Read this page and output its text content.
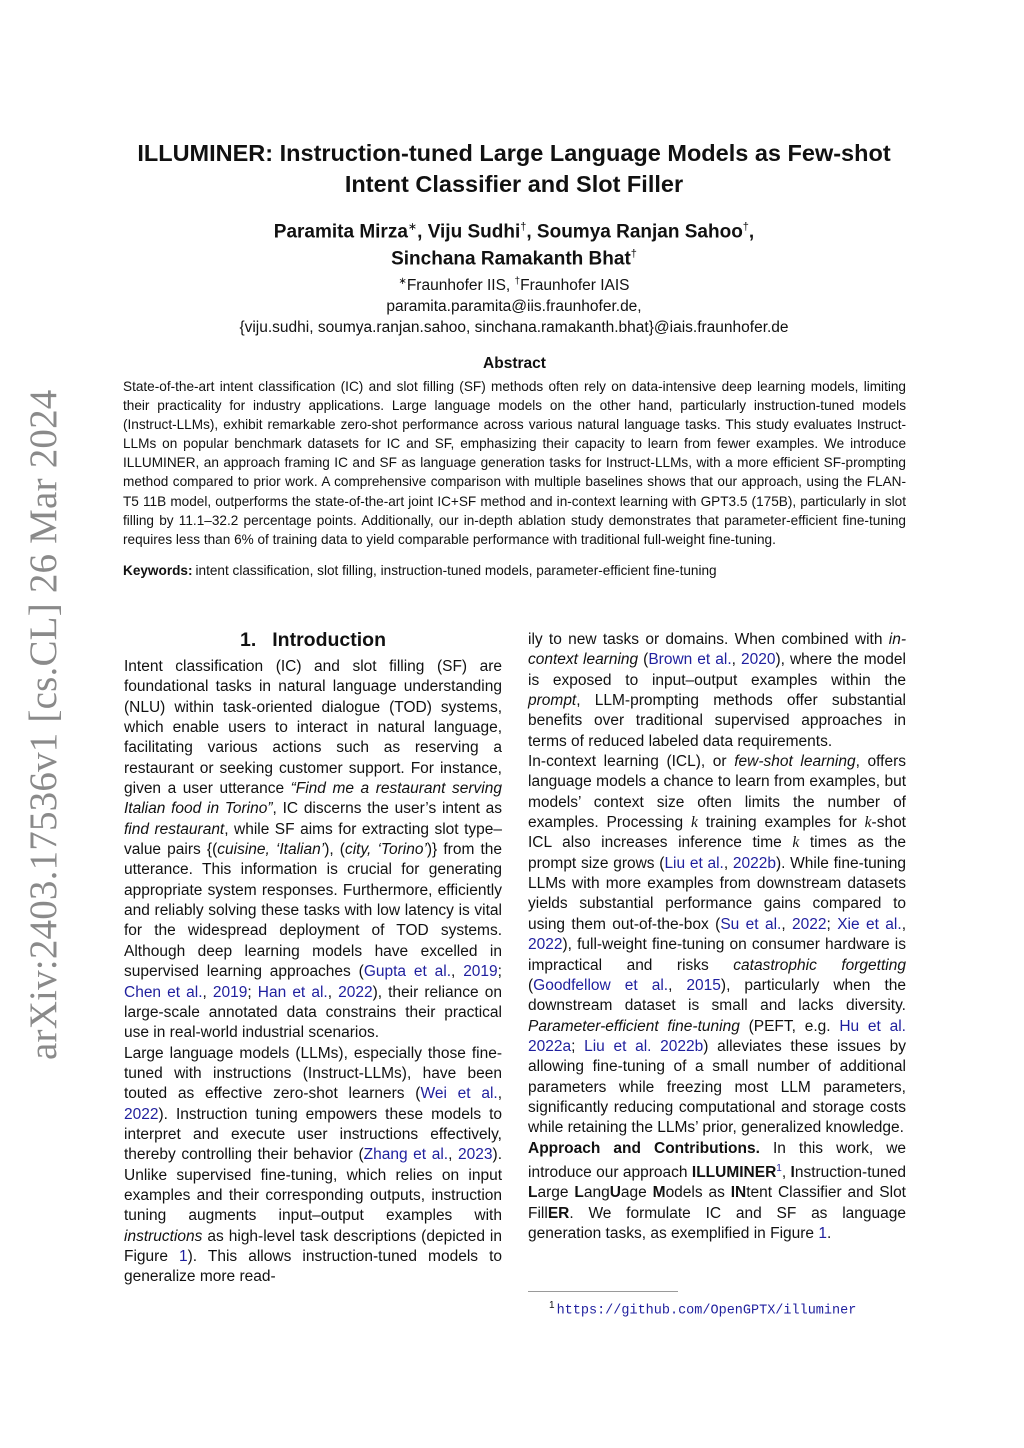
arXiv:2403.17536v1 [cs.CL] 26 Mar 2024
ILLUMINER: Instruction-tuned Large Language Models as Few-shot Intent Classifier and Slot Filler
Paramita Mirza∗, Viju Sudhi†, Soumya Ranjan Sahoo†,
Sinchana Ramakanth Bhat†
∗Fraunhofer IIS, †Fraunhofer IAIS
paramita.paramita@iis.fraunhofer.de,
{viju.sudhi, soumya.ranjan.sahoo, sinchana.ramakanth.bhat}@iais.fraunhofer.de
Abstract
State-of-the-art intent classification (IC) and slot filling (SF) methods often rely on data-intensive deep learning models, limiting their practicality for industry applications. Large language models on the other hand, particularly instruction-tuned models (Instruct-LLMs), exhibit remarkable zero-shot performance across various natural language tasks. This study evaluates Instruct-LLMs on popular benchmark datasets for IC and SF, emphasizing their capacity to learn from fewer examples. We introduce ILLUMINER, an approach framing IC and SF as language generation tasks for Instruct-LLMs, with a more efficient SF-prompting method compared to prior work. A comprehensive comparison with multiple baselines shows that our approach, using the FLAN-T5 11B model, outperforms the state-of-the-art joint IC+SF method and in-context learning with GPT3.5 (175B), particularly in slot filling by 11.1–32.2 percentage points. Additionally, our in-depth ablation study demonstrates that parameter-efficient fine-tuning requires less than 6% of training data to yield comparable performance with traditional full-weight fine-tuning.
Keywords: intent classification, slot filling, instruction-tuned models, parameter-efficient fine-tuning
1. Introduction

Intent classification (IC) and slot filling (SF) are foundational tasks in natural language understanding (NLU) within task-oriented dialogue (TOD) systems, which enable users to interact in natural language, facilitating various actions such as reserving a restaurant or seeking customer support. For instance, given a user utterance “Find me a restaurant serving Italian food in Torino”, IC discerns the user’s intent as find restaurant, while SF aims for extracting slot type–value pairs {(cuisine, ‘Italian’), (city, ‘Torino’)} from the utterance. This information is crucial for generating appropriate system responses. Furthermore, efficiently and reliably solving these tasks with low latency is vital for the widespread deployment of TOD systems. Although deep learning models have excelled in supervised learning approaches (Gupta et al., 2019; Chen et al., 2019; Han et al., 2022), their reliance on large-scale annotated data constrains their practical use in real-world industrial scenarios.

Large language models (LLMs), especially those fine-tuned with instructions (Instruct-LLMs), have been touted as effective zero-shot learners (Wei et al., 2022). Instruction tuning empowers these models to interpret and execute user instructions effectively, thereby controlling their behavior (Zhang et al., 2023). Unlike supervised fine-tuning, which relies on input examples and their corresponding outputs, instruction tuning augments input–output examples with instructions as high-level task descriptions (depicted in Figure 1). This allows instruction-tuned models to generalize more read-

ily to new tasks or domains. When combined with in-context learning (Brown et al., 2020), where the model is exposed to input–output examples within the prompt, LLM-prompting methods offer substantial benefits over traditional supervised approaches in terms of reduced labeled data requirements.

In-context learning (ICL), or few-shot learning, offers language models a chance to learn from examples, but models’ context size often limits the number of examples. Processing k training examples for k-shot ICL also increases inference time k times as the prompt size grows (Liu et al., 2022b). While fine-tuning LLMs with more examples from downstream datasets yields substantial performance gains compared to using them out-of-the-box (Su et al., 2022; Xie et al., 2022), full-weight fine-tuning on consumer hardware is impractical and risks catastrophic forgetting (Goodfellow et al., 2015), particularly when the downstream dataset is small and lacks diversity. Parameter-efficient fine-tuning (PEFT, e.g. Hu et al. 2022a; Liu et al. 2022b) alleviates these issues by allowing fine-tuning of a small number of additional parameters while freezing most LLM parameters, significantly reducing computational and storage costs while retaining the LLMs’ prior, generalized knowledge.

Approach and Contributions. In this work, we introduce our approach ILLUMINER$^1$, Instruction-tuned Large LangUage Models as INtent Classifier and Slot FillER. We formulate IC and SF as language generation tasks, as exemplified in Figure 1.

$^1$ https://github.com/OpenGPTX/illuminer
